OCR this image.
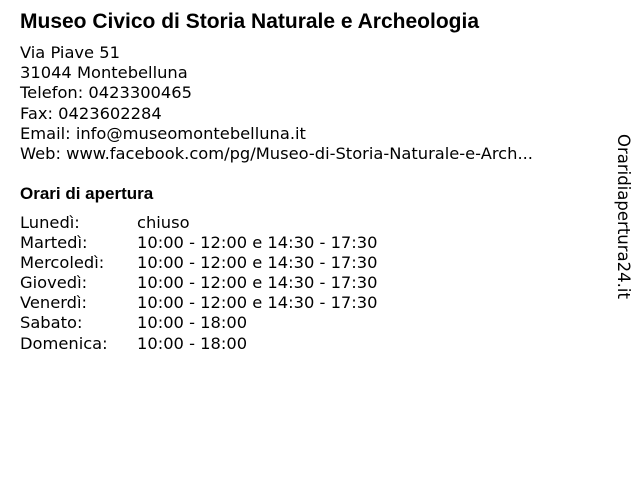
Museo Civico di Storia Naturale e Archeologia
Via Piave 51
31044 Montebelluna
Telefon: 0423300465
Fax: 0423602284
Email: info@museomontebelluna.it
Web: www.facebook.com/pg/Museo-di-Storia-Naturale-e-Arch...
Orari di apertura
Lunedì:	chiuso
Martedì:	10:00 - 12:00 e 14:30 - 17:30
Mercoledì: 10:00 - 12:00 e 14:30 - 17:30
Giovedì:	10:00 - 12:00 e 14:30 - 17:30
Venerdì:	10:00 - 12:00 e 14:30 - 17:30
Sabato:	10:00 - 18:00
Domenica: 10:00 - 18:00
Oraridiapertura24.it
